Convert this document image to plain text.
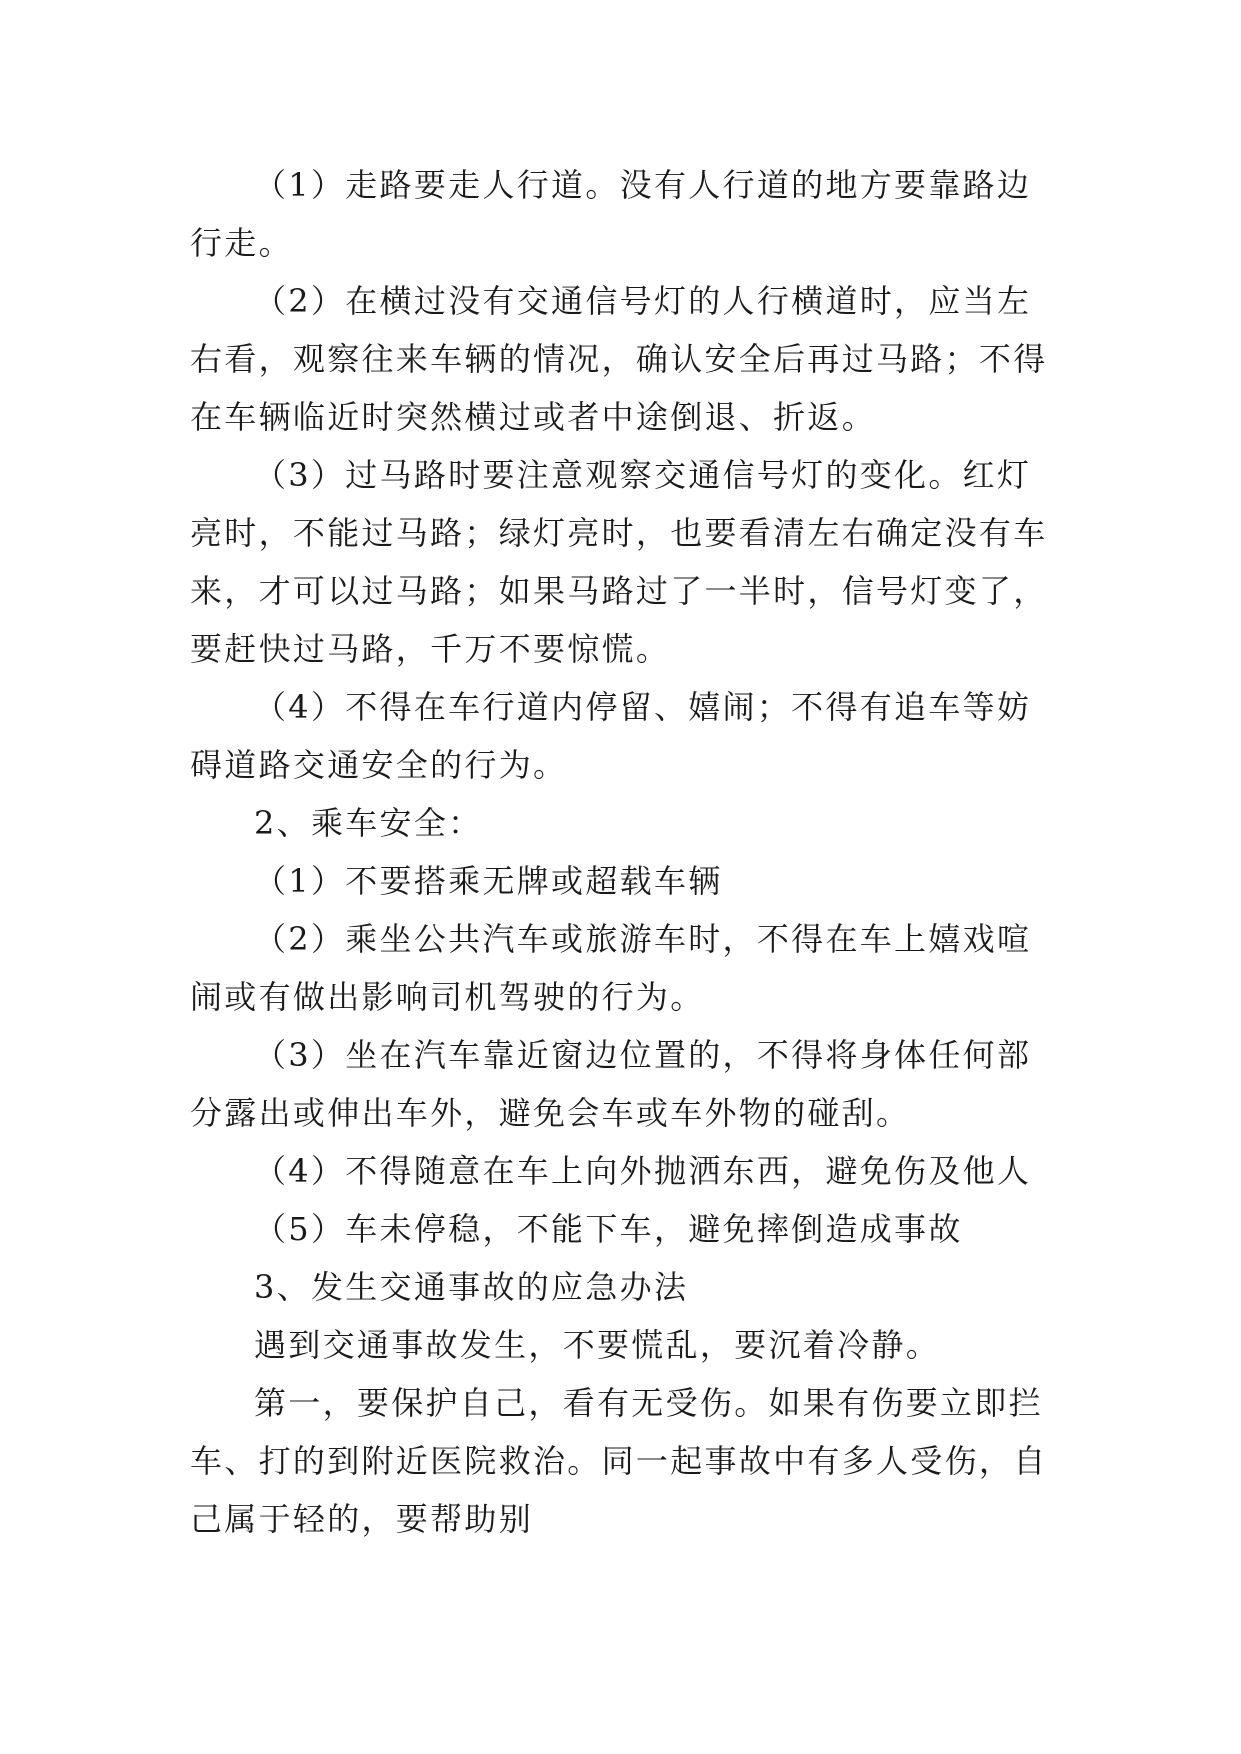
（1）走路要走人行道。没有人行道的地方要靠路边行走。

（2）在横过没有交通信号灯的人行横道时，应当左右看，观察往来车辆的情况，确认安全后再过马路；不得在车辆临近时突然横过或者中途倒退、折返。

（3）过马路时要注意观察交通信号灯的变化。红灯亮时，不能过马路；绿灯亮时，也要看清左右确定没有车来，才可以过马路；如果马路过了一半时，信号灯变了，要赶快过马路，千万不要惊慌。

（4）不得在车行道内停留、嬉闹；不得有追车等妨碍道路交通安全的行为。

2、乘车安全：

（1）不要搭乘无牌或超载车辆

（2）乘坐公共汽车或旅游车时，不得在车上嬉戏喧闹或有做出影响司机驾驶的行为。

（3）坐在汽车靠近窗边位置的，不得将身体任何部分露出或伸出车外，避免会车或车外物的碰刮。

（4）不得随意在车上向外抛洒东西，避免伤及他人

（5）车未停稳，不能下车，避免摔倒造成事故

3、发生交通事故的应急办法

遇到交通事故发生，不要慌乱，要沉着冷静。

第一，要保护自己，看有无受伤。如果有伤要立即拦车、打的到附近医院救治。同一起事故中有多人受伤，自己属于轻的，要帮助别
